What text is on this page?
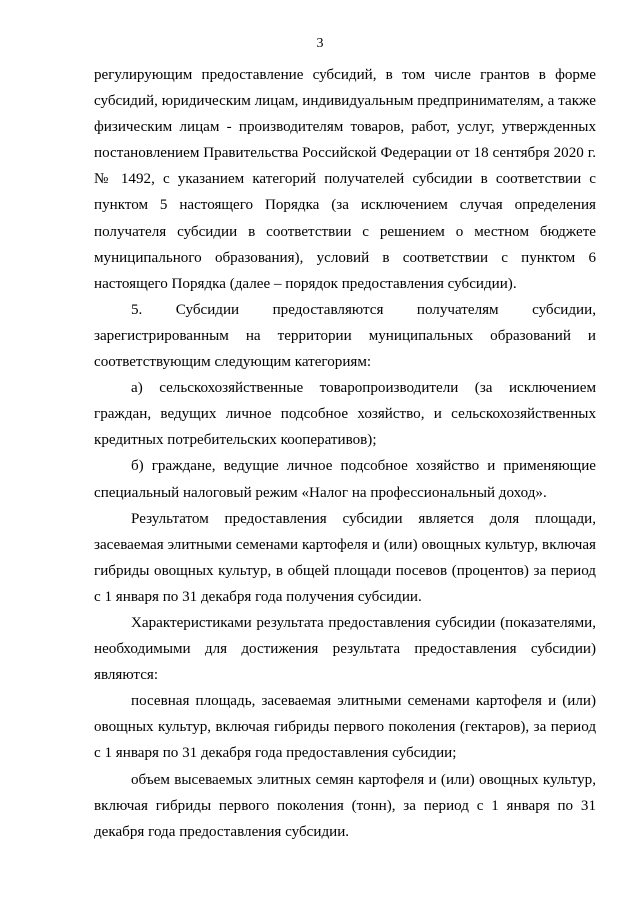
3

регулирующим предоставление субсидий, в том числе грантов в форме субсидий, юридическим лицам, индивидуальным предпринимателям, а также физическим лицам - производителям товаров, работ, услуг, утвержденных постановлением Правительства Российской Федерации от 18 сентября 2020 г. № 1492, с указанием категорий получателей субсидии в соответствии с пунктом 5 настоящего Порядка (за исключением случая определения получателя субсидии в соответствии с решением о местном бюджете муниципального образования), условий в соответствии с пунктом 6 настоящего Порядка (далее – порядок предоставления субсидии).

5.      Субсидии      предоставляются      получателям      субсидии, зарегистрированным на территории муниципальных образований и соответствующим следующим категориям:

а) сельскохозяйственные товаропроизводители (за исключением граждан, ведущих личное подсобное хозяйство, и сельскохозяйственных кредитных потребительских кооперативов);

б) граждане, ведущие личное подсобное хозяйство и применяющие специальный налоговый режим «Налог на профессиональный доход».

Результатом предоставления субсидии является доля площади, засеваемая элитными семенами картофеля и (или) овощных культур, включая гибриды овощных культур, в общей площади посевов (процентов) за период с 1 января по 31 декабря года получения субсидии.

Характеристиками результата предоставления субсидии (показателями, необходимыми для достижения результата предоставления субсидии) являются:

посевная площадь, засеваемая элитными семенами картофеля и (или) овощных культур, включая гибриды первого поколения (гектаров), за период с 1 января по 31 декабря года предоставления субсидии;

объем высеваемых элитных семян картофеля и (или) овощных культур, включая гибриды первого поколения (тонн), за период с 1 января по 31 декабря года предоставления субсидии.
